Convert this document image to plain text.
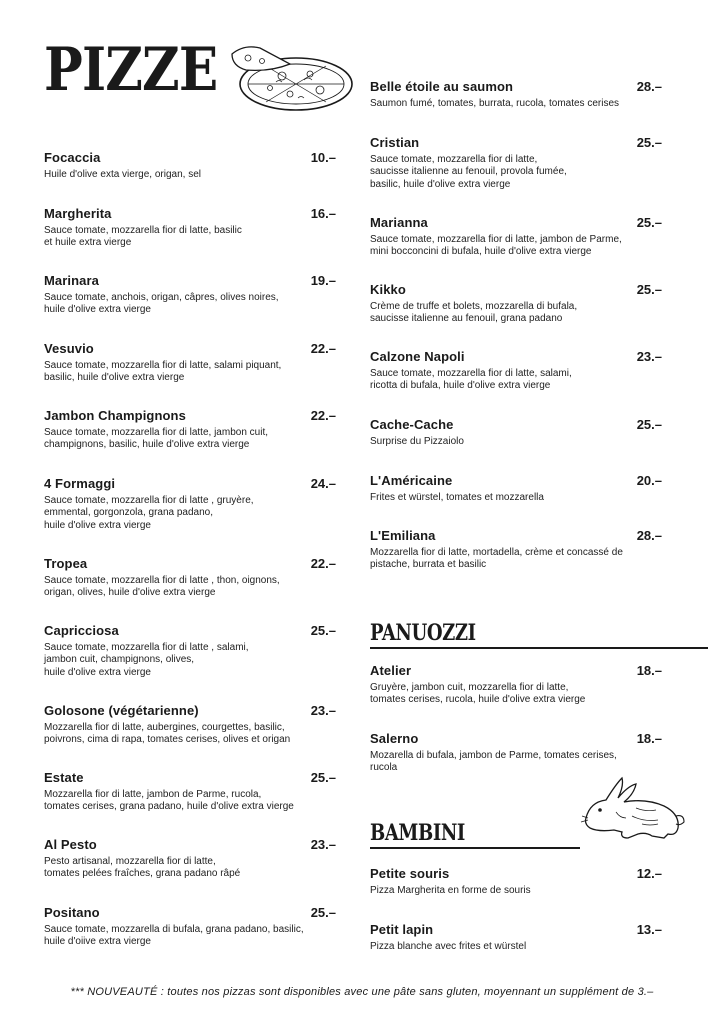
PIZZE
Focaccia	10.–
Huile d'olive exta vierge, origan, sel
Margherita	16.–
Sauce tomate, mozzarella fior di latte, basilic
et huile extra vierge
Marinara	19.–
Sauce tomate, anchois, origan, câpres, olives noires,
huile d'olive extra vierge
Vesuvio	22.–
Sauce tomate, mozzarella fior di latte, salami piquant,
basilic, huile d'olive extra vierge
Jambon Champignons	22.–
Sauce tomate, mozzarella fior di latte, jambon cuit,
champignons, basilic, huile d'olive extra vierge
4 Formaggi	24.–
Sauce tomate, mozzarella fior di latte , gruyère,
emmental, gorgonzola, grana padano,
huile d'olive extra vierge
Tropea	22.–
Sauce tomate, mozzarella fior di latte , thon, oignons,
origan, olives, huile d'olive extra vierge
Capricciosa	25.–
Sauce tomate, mozzarella fior di latte , salami,
jambon cuit, champignons, olives,
huile d'olive extra vierge
Golosone (végétarienne)	23.–
Mozzarella fior di latte, aubergines, courgettes, basilic,
poivrons, cima di rapa, tomates cerises, olives et origan
Estate	25.–
Mozzarella fior di latte, jambon de Parme, rucola,
tomates cerises, grana padano, huile d'olive extra vierge
Al Pesto	23.–
Pesto artisanal, mozzarella fior di latte,
tomates pelées fraîches, grana padano râpé
Positano	25.–
Sauce tomate, mozzarella di bufala, grana padano, basilic,
huile d'oiive extra vierge
Belle étoile au saumon	28.–
Saumon fumé, tomates, burrata, rucola, tomates cerises
Cristian	25.–
Sauce tomate, mozzarella fior di latte,
saucisse italienne au fenouil, provola fumée,
basilic, huile d'olive extra vierge
Marianna	25.–
Sauce tomate, mozzarella fior di latte, jambon de Parme,
mini bocconcini di bufala, huile d'olive extra vierge
Kikko	25.–
Crème de truffe et bolets, mozzarella di bufala,
saucisse italienne au fenouil, grana padano
Calzone Napoli	23.–
Sauce tomate, mozzarella fior di latte, salami,
ricotta di bufala, huile d'olive extra vierge
Cache-Cache	25.–
Surprise du Pizzaiolo
L'Américaine	20.–
Frites et würstel, tomates et mozzarella
L'Emiliana	28.–
Mozzarella fior di latte, mortadella, crème et concassé de
pistache, burrata et basilic
Atelier	18.–
Gruyère, jambon cuit, mozzarella fior di latte,
tomates cerises, rucola, huile d'olive extra vierge
Salerno	18.–
Mozarella di bufala, jambon de Parme, tomates cerises,
rucola
Petite souris	12.–
Pizza Margherita en forme de souris
Petit lapin	13.–
Pizza blanche avec frites et würstel
PANUOZZI
BAMBINI
*** NOUVEAUTÉ : toutes nos pizzas sont disponibles avec une pâte sans gluten, moyennant un supplément de 3.–
